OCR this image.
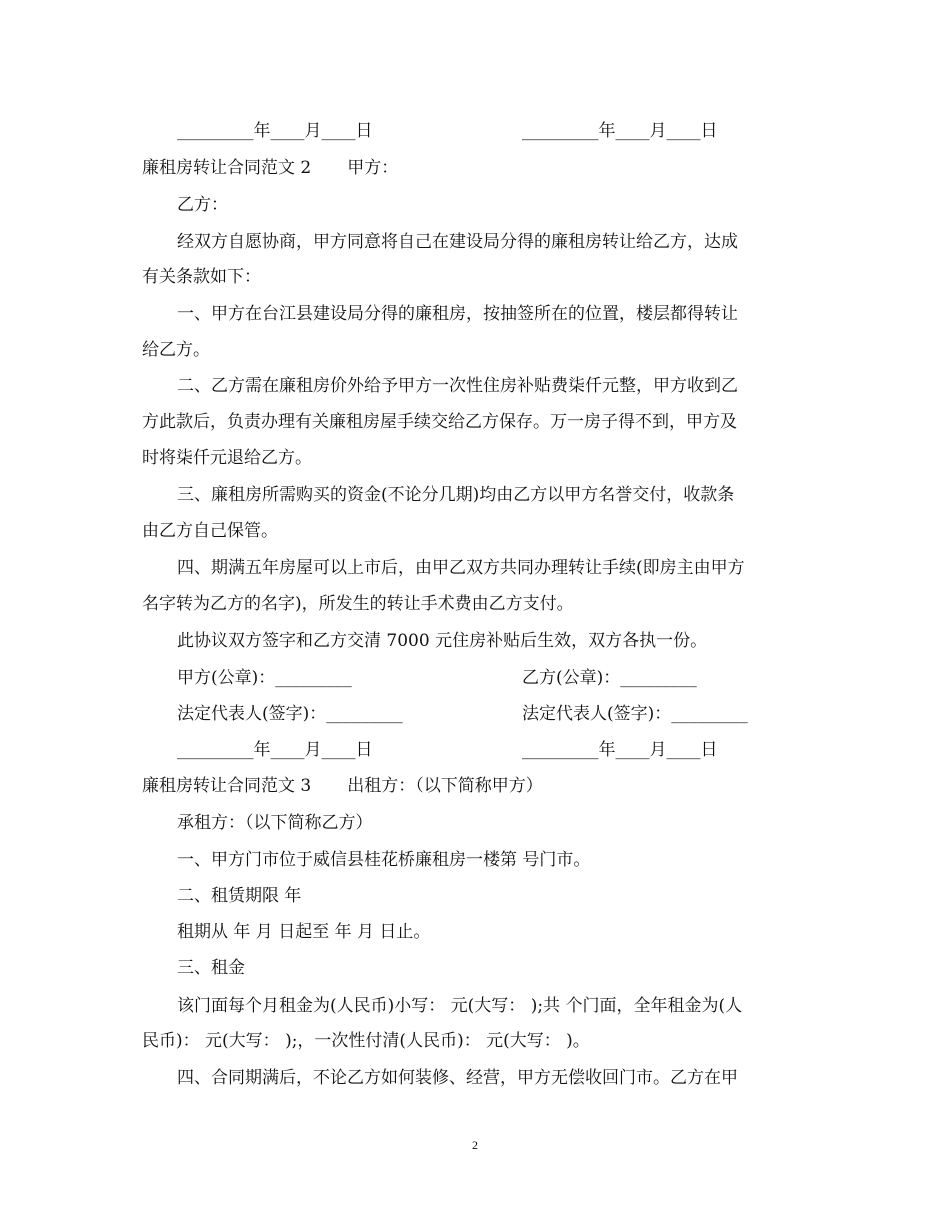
_________年____月____日	_________年____月____日
廉租房转让合同范文 2 甲方：
乙方：
经双方自愿协商，甲方同意将自己在建设局分得的廉租房转让给乙方，达成
有关条款如下：
一、甲方在台江县建设局分得的廉租房，按抽签所在的位置，楼层都得转让
给乙方。
二、乙方需在廉租房价外给予甲方一次性住房补贴费柒仟元整，甲方收到乙
方此款后，负责办理有关廉租房屋手续交给乙方保存。万一房子得不到，甲方及
时将柒仟元退给乙方。
三、廉租房所需购买的资金(不论分几期)均由乙方以甲方名誉交付，收款条
由乙方自己保管。
四、期满五年房屋可以上市后，由甲乙双方共同办理转让手续(即房主由甲方
名字转为乙方的名字)，所发生的转让手术费由乙方支付。
此协议双方签字和乙方交清 7000 元住房补贴后生效，双方各执一份。
甲方(公章)：_________	乙方(公章)：_________
法定代表人(签字)：_________	法定代表人(签字)：_________
_________年____月____日	_________年____月____日
廉租房转让合同范文 3 出租方：（以下简称甲方）
承租方：（以下简称乙方）
一、甲方门市位于威信县桂花桥廉租房一楼第 号门市。
二、租赁期限 年
租期从 年 月 日起至 年 月 日止。
三、租金
该门面每个月租金为(人民币)小写： 元(大写： );共 个门面，全年租金为(人
民币)： 元(大写： );，一次性付清(人民币)： 元(大写： )。
四、合同期满后，不论乙方如何装修、经营，甲方无偿收回门市。乙方在甲
2
